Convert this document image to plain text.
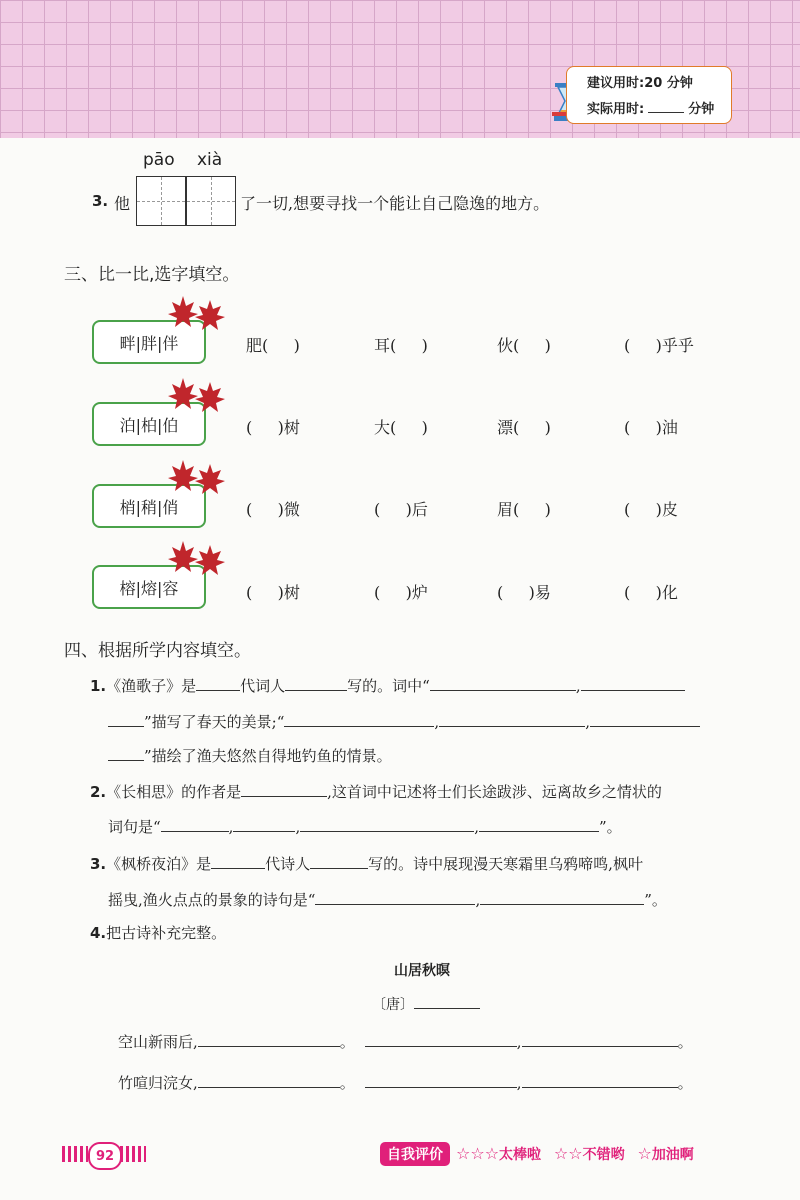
建议用时:20 分钟
实际用时:	分钟
pāo xià
3. 他	了一切,想要寻找一个能让自己隐逸的地方。
三、比一比,选字填空。
畔|胖|伴	肥(     )	耳(     )	伙(     )	(     )乎乎
泊|柏|伯	(     )树	大(     )	漂(     )	(     )油
梢|稍|俏	(     )微	(     )后	眉(     )	(     )皮
榕|熔|容	(     )树	(     )炉	(     )易	(     )化
四、根据所学内容填空。
1.《渔歌子》是	代词人	写的。词中“	,
”描写了春天的美景;“	,	,
”描绘了渔夫悠然自得地钓鱼的情景。
2.《长相思》的作者是	,这首词中记述将士们长途跋涉、远离故乡之情状的
词句是“	,	,	,	”。
3.《枫桥夜泊》是	代诗人	写的。诗中展现漫天寒霜里乌鸦啼鸣,枫叶
摇曳,渔火点点的景象的诗句是“	,	”。
4.把古诗补充完整。
山居秋暝
〔唐〕
空山新雨后,	。	,	。
竹喧归浣女,	。	,	。
92	自我评价 ☆☆☆太棒啦 ☆☆不错哟 ☆加油啊
